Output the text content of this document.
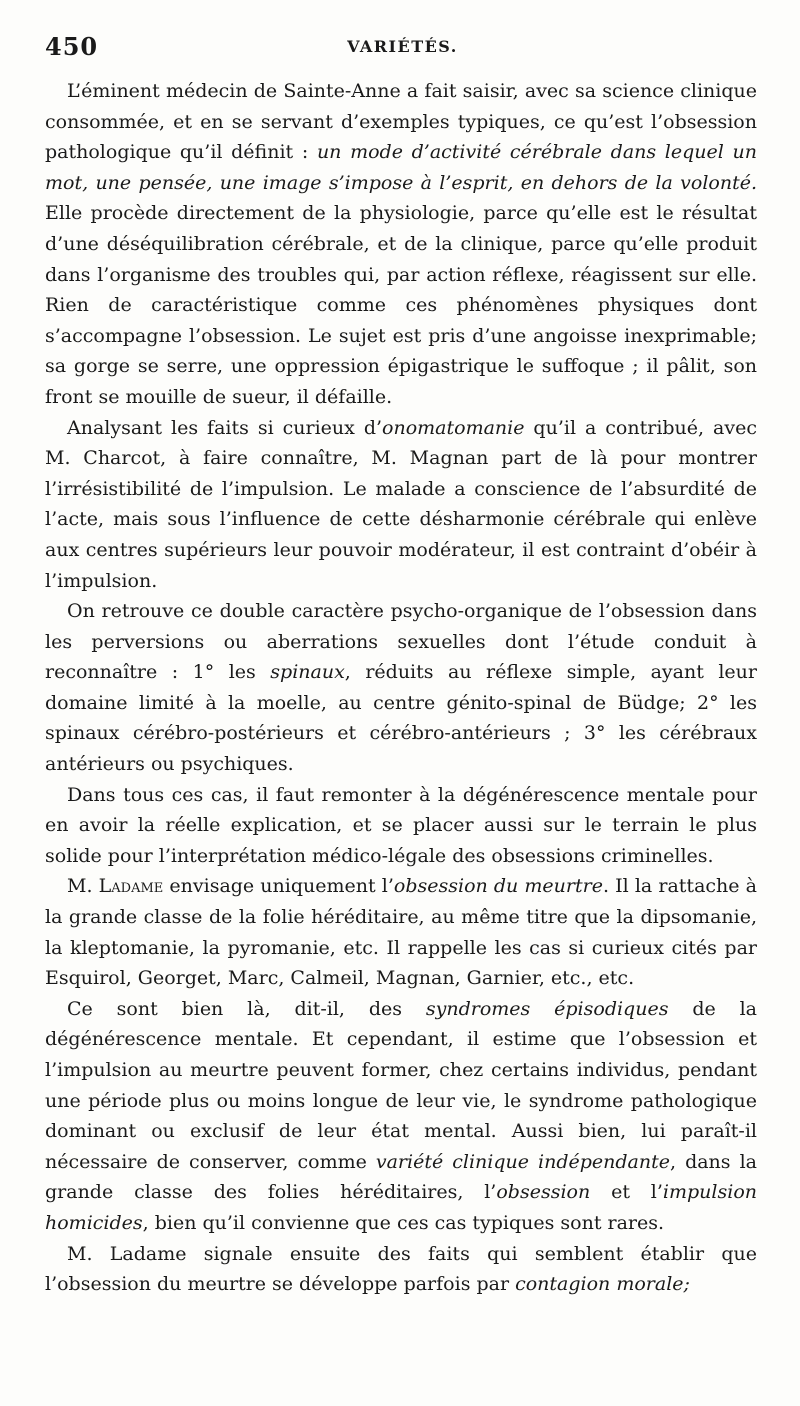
450	VARIÉTÉS.

L’éminent médecin de Sainte-Anne a fait saisir, avec sa science clinique consommée, et en se servant d’exemples typiques, ce qu’est l’obsession pathologique qu’il définit : un mode d’activité cérébrale dans lequel un mot, une pensée, une image s’impose à l’esprit, en dehors de la volonté. Elle procède directement de la physiologie, parce qu’elle est le résultat d’une déséquilibration cérébrale, et de la clinique, parce qu’elle produit dans l’organisme des troubles qui, par action réflexe, réagissent sur elle. Rien de caractéristique comme ces phénomènes physiques dont s’accompagne l’obsession. Le sujet est pris d’une angoisse inexprimable; sa gorge se serre, une oppression épigastrique le suffoque ; il pâlit, son front se mouille de sueur, il défaille.

Analysant les faits si curieux d’onomatomanie qu’il a contribué, avec M. Charcot, à faire connaître, M. Magnan part de là pour montrer l’irrésistibilité de l’impulsion. Le malade a conscience de l’absurdité de l’acte, mais sous l’influence de cette désharmonie cérébrale qui enlève aux centres supérieurs leur pouvoir modérateur, il est contraint d’obéir à l’impulsion.

On retrouve ce double caractère psycho-organique de l’obsession dans les perversions ou aberrations sexuelles dont l’étude conduit à reconnaître : 1° les spinaux, réduits au réflexe simple, ayant leur domaine limité à la moelle, au centre génito-spinal de Büdge; 2° les spinaux cérébro-postérieurs et cérébro-antérieurs ; 3° les cérébraux antérieurs ou psychiques.

Dans tous ces cas, il faut remonter à la dégénérescence mentale pour en avoir la réelle explication, et se placer aussi sur le terrain le plus solide pour l’interprétation médico-légale des obsessions criminelles.

M. Ladame envisage uniquement l’obsession du meurtre. Il la rattache à la grande classe de la folie héréditaire, au même titre que la dipsomanie, la kleptomanie, la pyromanie, etc. Il rappelle les cas si curieux cités par Esquirol, Georget, Marc, Calmeil, Magnan, Garnier, etc., etc.

Ce sont bien là, dit-il, des syndromes épisodiques de la dégénérescence mentale. Et cependant, il estime que l’obsession et l’impulsion au meurtre peuvent former, chez certains individus, pendant une période plus ou moins longue de leur vie, le syndrome pathologique dominant ou exclusif de leur état mental. Aussi bien, lui paraît-il nécessaire de conserver, comme variété clinique indépendante, dans la grande classe des folies héréditaires, l’obsession et l’impulsion homicides, bien qu’il convienne que ces cas typiques sont rares.

M. Ladame signale ensuite des faits qui semblent établir que l’obsession du meurtre se développe parfois par contagion morale;
